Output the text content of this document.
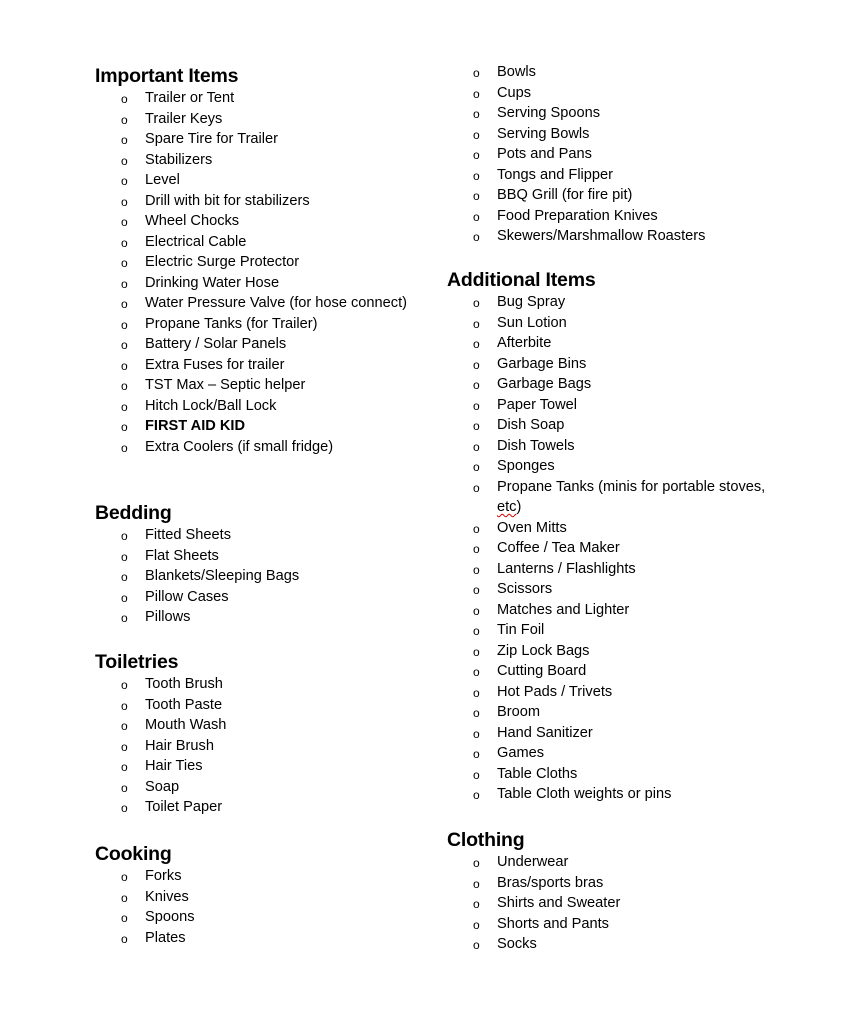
Important Items
o Trailer or Tent
o Trailer Keys
o Spare Tire for Trailer
o Stabilizers
o Level
o Drill with bit for stabilizers
o Wheel Chocks
o Electrical Cable
o Electric Surge Protector
o Drinking Water Hose
o Water Pressure Valve (for hose connect)
o Propane Tanks (for Trailer)
o Battery / Solar Panels
o Extra Fuses for trailer
o TST Max – Septic helper
o Hitch Lock/Ball Lock
o FIRST AID KID
o Extra Coolers (if small fridge)
Bedding
o Fitted Sheets
o Flat Sheets
o Blankets/Sleeping Bags
o Pillow Cases
o Pillows
Toiletries
o Tooth Brush
o Tooth Paste
o Mouth Wash
o Hair Brush
o Hair Ties
o Soap
o Toilet Paper
Cooking
o Forks
o Knives
o Spoons
o Plates
o Bowls
o Cups
o Serving Spoons
o Serving Bowls
o Pots and Pans
o Tongs and Flipper
o BBQ Grill (for fire pit)
o Food Preparation Knives
o Skewers/Marshmallow Roasters
Additional Items
o Bug Spray
o Sun Lotion
o Afterbite
o Garbage Bins
o Garbage Bags
o Paper Towel
o Dish Soap
o Dish Towels
o Sponges
o Propane Tanks (minis for portable stoves, etc)
o Oven Mitts
o Coffee / Tea Maker
o Lanterns / Flashlights
o Scissors
o Matches and Lighter
o Tin Foil
o Zip Lock Bags
o Cutting Board
o Hot Pads / Trivets
o Broom
o Hand Sanitizer
o Games
o Table Cloths
o Table Cloth weights or pins
Clothing
o Underwear
o Bras/sports bras
o Shirts and Sweater
o Shorts and Pants
o Socks
